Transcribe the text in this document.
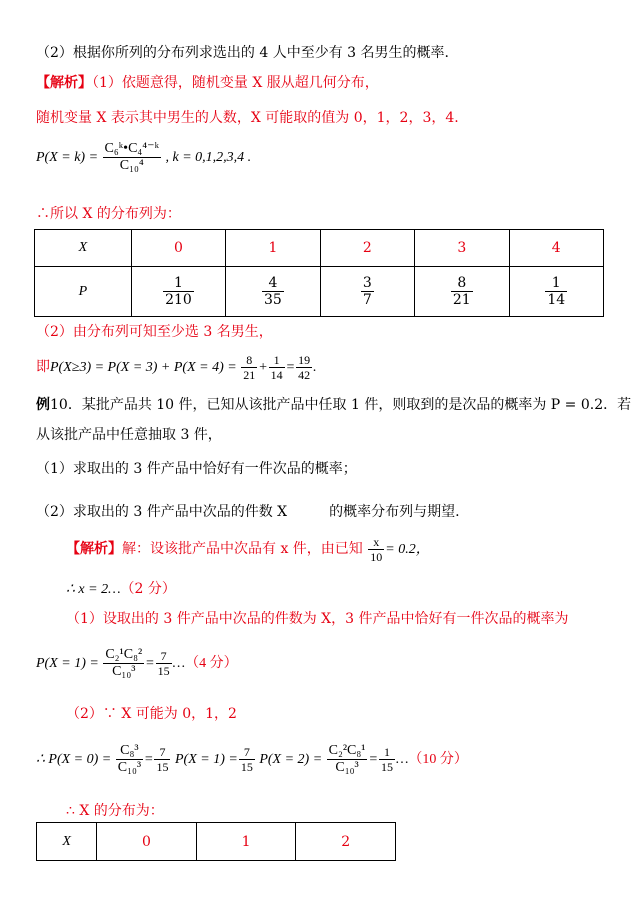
（2）根据你所列的分布列求选出的 4 人中至少有 3 名男生的概率.
【解析】（1）依题意得，随机变量 X 服从超几何分布，
随机变量 X 表示其中男生的人数，X 可能取的值为 0，1，2，3，4.
$P(X = k) = \frac{\text{C₆ᵏ•C₄⁴⁻ᵏ}}{\text{C₁₀⁴}}$ , k = 0,1,2,3,4 .
∴所以 X 的分布列为：
X	0	1	2	3	4
P	$\frac{1}{210}$	$\frac{4}{35}$	$\frac{3}{7}$	$\frac{8}{21}$	$\frac{1}{14}$
（2）由分布列可知至少选 3 名男生，
即$P(X\ge 3) = P(X = 3) + P(X = 4) = \frac{8}{21} + \frac{1}{14} = \frac{19}{42}$ .
例10．某批产品共 10 件，已知从该批产品中任取 1 件，则取到的是次品的概率为 P = 0.2．若
从该批产品中任意抽取 3 件，
（1）求取出的 3 件产品中恰好有一件次品的概率；
（2）求取出的 3 件产品中次品的件数 X　　　的概率分布列与期望.
【解析】解：设该批产品中次品有 x 件，由已知 $\frac{x}{10} = 0.2$，
∴ x = 2…（2 分）
（1）设取出的 3 件产品中次品的件数为 X，3 件产品中恰好有一件次品的概率为
$P(X = 1) = \frac{\text{C₂¹C₈²}}{\text{C₁₀³}} = \frac{7}{15}$ …（4 分）
（2）∵ X 可能为 0，1，2
∴ $P(X = 0) = \frac{\text{C₈³}}{\text{C₁₀³}} = \frac{7}{15} P(X = 1) = \frac{7}{15} P(X = 2) = \frac{\text{C₂²C₈¹}}{\text{C₁₀³}} = \frac{1}{15}$ …（10 分）
∴ X 的分布为：
X	0	1	2
